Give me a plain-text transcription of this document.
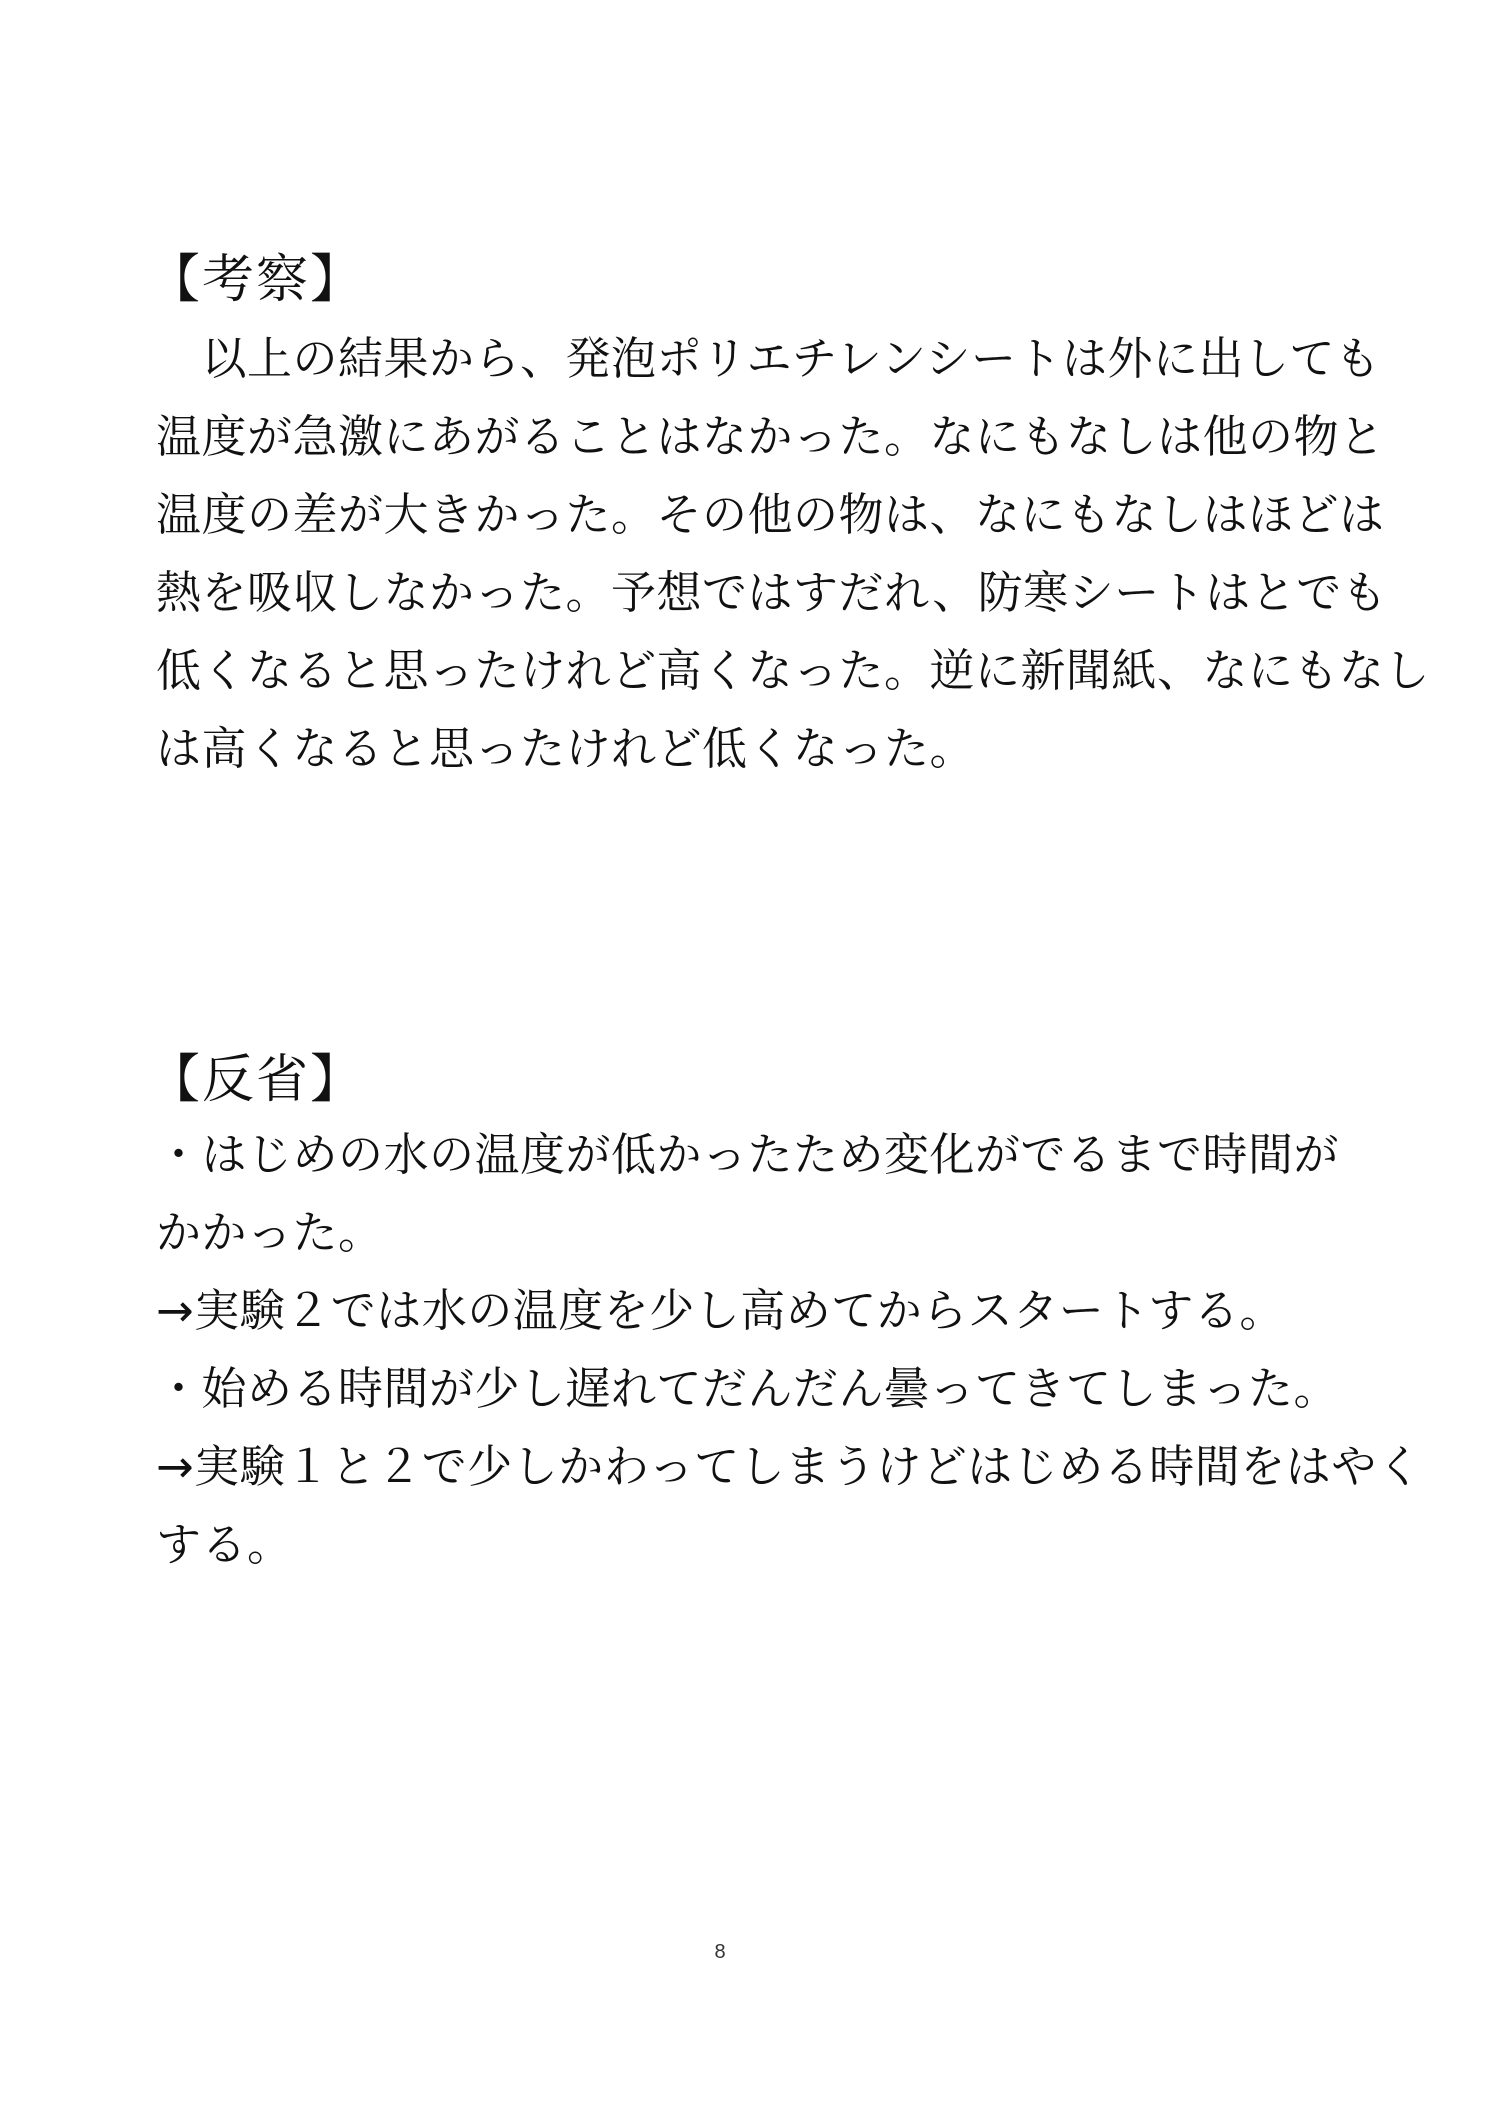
【考察】
　以上の結果から、発泡ポリエチレンシートは外に出しても
温度が急激にあがることはなかった。なにもなしは他の物と
温度の差が大きかった。その他の物は、なにもなしはほどは
熱を吸収しなかった。予想ではすだれ、防寒シートはとでも
低くなると思ったけれど高くなった。逆に新聞紙、なにもなし
は高くなると思ったけれど低くなった。
【反省】
・はじめの水の温度が低かったため変化がでるまで時間が
かかった。
→実験２では水の温度を少し高めてからスタートする。
・始める時間が少し遅れてだんだん曇ってきてしまった。
→実験１と２で少しかわってしまうけどはじめる時間をはやく
する。
8
